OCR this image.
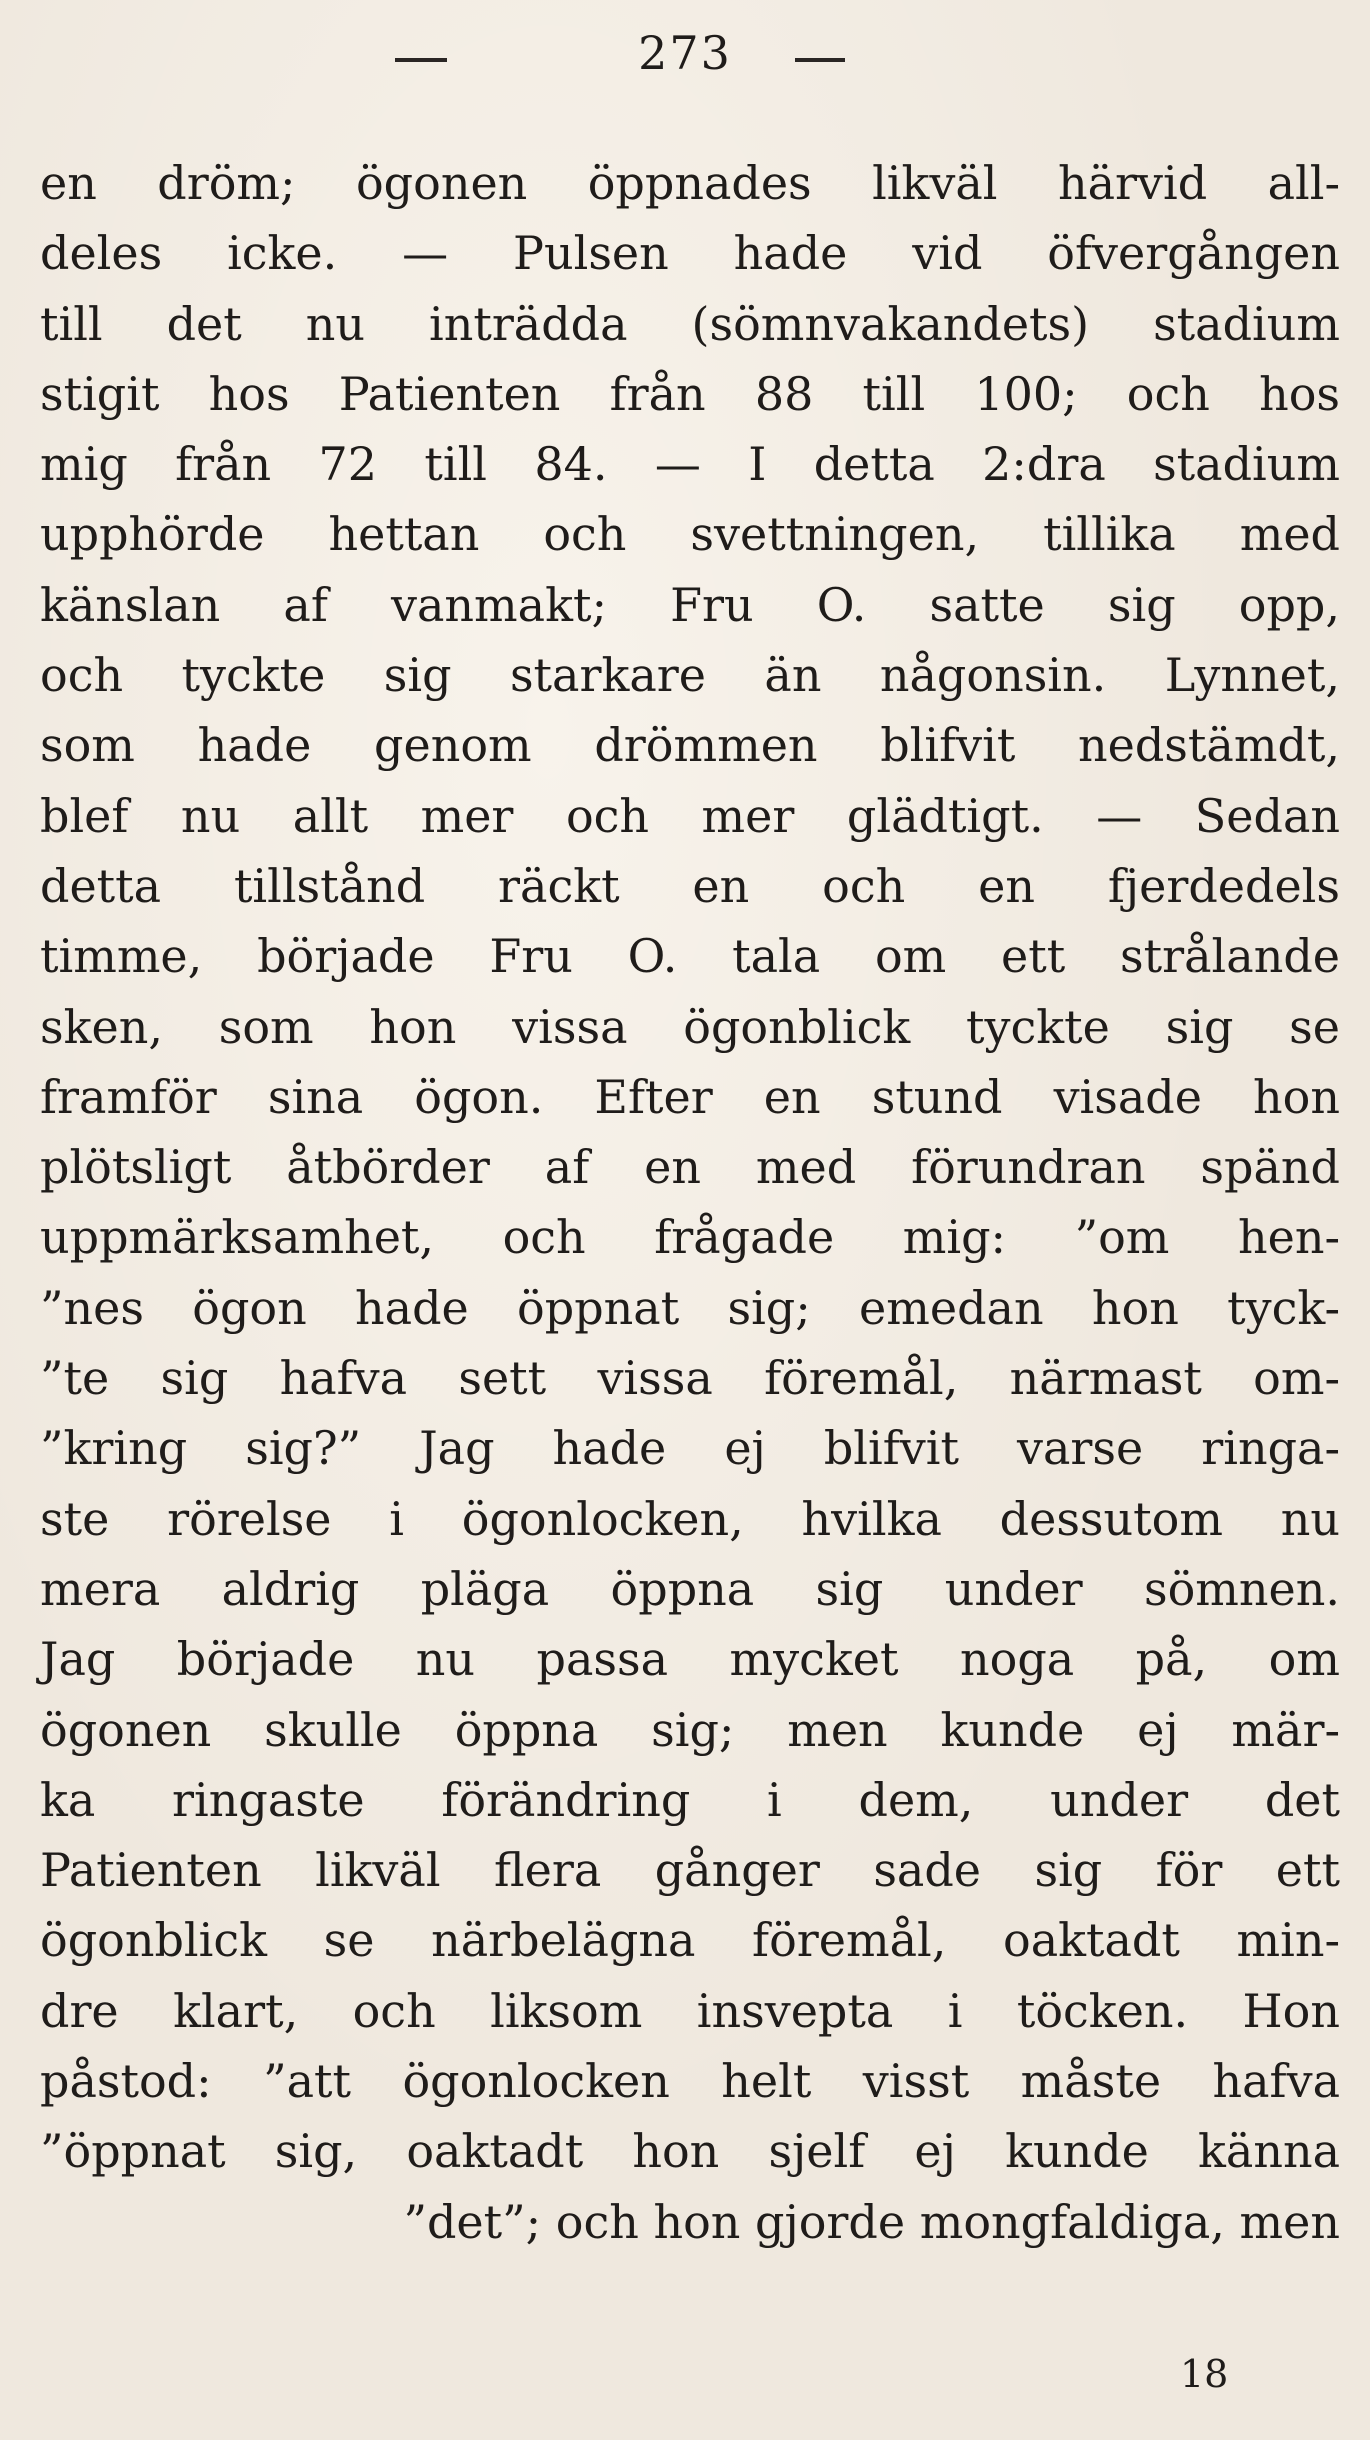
273
en dröm; ögonen öppnades likväl härvid all-
deles icke. — Pulsen hade vid öfvergången
till det nu inträdda (sömnvakandets) stadium
stigit hos Patienten från 88 till 100; och hos
mig från 72 till 84. — I detta 2:dra stadium
upphörde hettan och svettningen, tillika med
känslan af vanmakt; Fru O. satte sig opp,
och tyckte sig starkare än någonsin. Lynnet,
som hade genom drömmen blifvit nedstämdt,
blef nu allt mer och mer glädtigt. — Sedan
detta tillstånd räckt en och en fjerdedels
timme, började Fru O. tala om ett strålande
sken, som hon vissa ögonblick tyckte sig se
framför sina ögon. Efter en stund visade hon
plötsligt åtbörder af en med förundran spänd
uppmärksamhet, och frågade mig: ”om hen-
”nes ögon hade öppnat sig; emedan hon tyck-
”te sig hafva sett vissa föremål, närmast om-
”kring sig?” Jag hade ej blifvit varse ringa-
ste rörelse i ögonlocken, hvilka dessutom nu
mera aldrig pläga öppna sig under sömnen.
Jag började nu passa mycket noga på, om
ögonen skulle öppna sig; men kunde ej mär-
ka ringaste förändring i dem, under det
Patienten likväl flera gånger sade sig för ett
ögonblick se närbelägna föremål, oaktadt min-
dre klart, och liksom insvepta i töcken. Hon
påstod: ”att ögonlocken helt visst måste hafva
”öppnat sig, oaktadt hon sjelf ej kunde känna
”det”; och hon gjorde mongfaldiga, men
18
